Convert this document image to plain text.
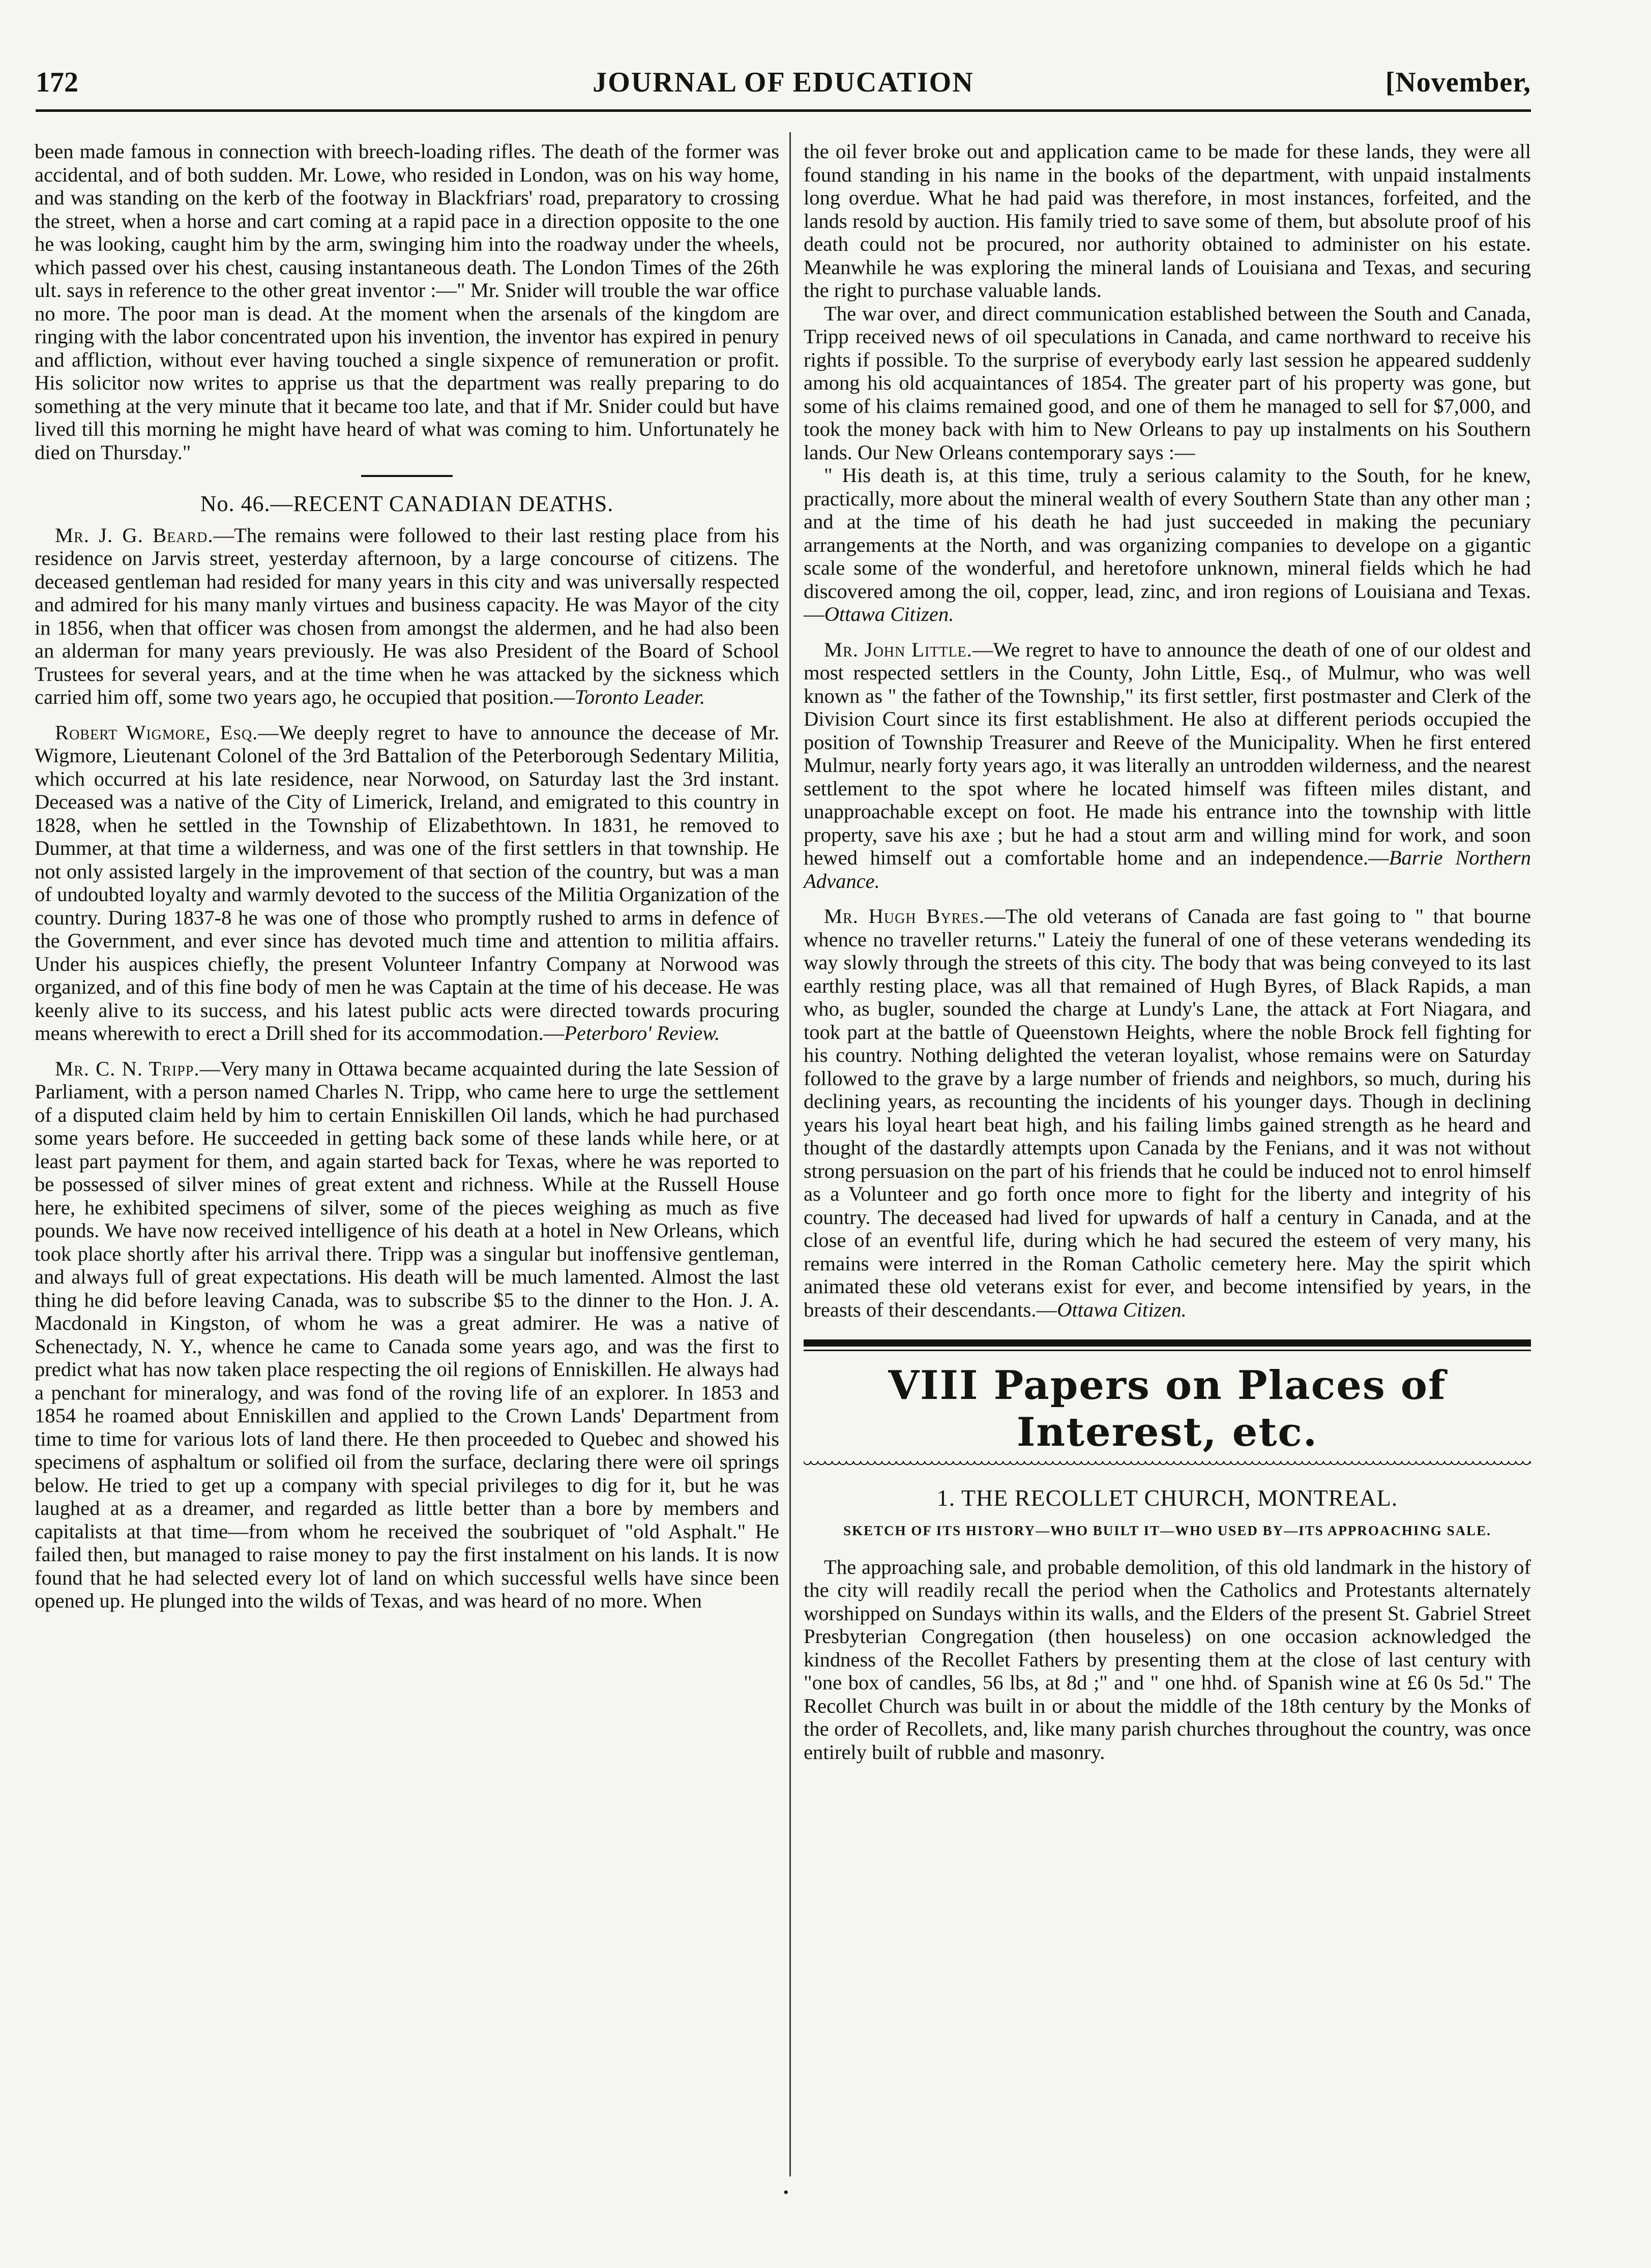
172	JOURNAL OF EDUCATION	[November,

been made famous in connection with breech-loading rifles. The death of the former was accidental, and of both sudden. Mr. Lowe, who resided in London, was on his way home, and was standing on the kerb of the footway in Blackfriars' road, preparatory to crossing the street, when a horse and cart coming at a rapid pace in a direction opposite to the one he was looking, caught him by the arm, swinging him into the roadway under the wheels, which passed over his chest, causing instantaneous death. The London Times of the 26th ult. says in reference to the other great inventor :—" Mr. Snider will trouble the war office no more. The poor man is dead. At the moment when the arsenals of the kingdom are ringing with the labor concentrated upon his invention, the inventor has expired in penury and affliction, without ever having touched a single sixpence of remuneration or profit. His solicitor now writes to apprise us that the department was really preparing to do something at the very minute that it became too late, and that if Mr. Snider could but have lived till this morning he might have heard of what was coming to him. Unfortunately he died on Thursday."

No. 46.—RECENT CANADIAN DEATHS.

Mr. J. G. Beard.—The remains were followed to their last resting place from his residence on Jarvis street, yesterday afternoon, by a large concourse of citizens. The deceased gentleman had resided for many years in this city and was universally respected and admired for his many manly virtues and business capacity. He was Mayor of the city in 1856, when that officer was chosen from amongst the aldermen, and he had also been an alderman for many years previously. He was also President of the Board of School Trustees for several years, and at the time when he was attacked by the sickness which carried him off, some two years ago, he occupied that position.—Toronto Leader.

Robert Wigmore, Esq.—We deeply regret to have to announce the decease of Mr. Wigmore, Lieutenant Colonel of the 3rd Battalion of the Peterborough Sedentary Militia, which occurred at his late residence, near Norwood, on Saturday last the 3rd instant. Deceased was a native of the City of Limerick, Ireland, and emigrated to this country in 1828, when he settled in the Township of Elizabethtown. In 1831, he removed to Dummer, at that time a wilderness, and was one of the first settlers in that township. He not only assisted largely in the improvement of that section of the country, but was a man of undoubted loyalty and warmly devoted to the success of the Militia Organization of the country. During 1837-8 he was one of those who promptly rushed to arms in defence of the Government, and ever since has devoted much time and attention to militia affairs. Under his auspices chiefly, the present Volunteer Infantry Company at Norwood was organized, and of this fine body of men he was Captain at the time of his decease. He was keenly alive to its success, and his latest public acts were directed towards procuring means wherewith to erect a Drill shed for its accommodation.—Peterboro' Review.

Mr. C. N. Tripp.—Very many in Ottawa became acquainted during the late Session of Parliament, with a person named Charles N. Tripp, who came here to urge the settlement of a disputed claim held by him to certain Enniskillen Oil lands, which he had purchased some years before. He succeeded in getting back some of these lands while here, or at least part payment for them, and again started back for Texas, where he was reported to be possessed of silver mines of great extent and richness. While at the Russell House here, he exhibited specimens of silver, some of the pieces weighing as much as five pounds. We have now received intelligence of his death at a hotel in New Orleans, which took place shortly after his arrival there. Tripp was a singular but inoffensive gentleman, and always full of great expectations. His death will be much lamented. Almost the last thing he did before leaving Canada, was to subscribe $5 to the dinner to the Hon. J. A. Macdonald in Kingston, of whom he was a great admirer. He was a native of Schenectady, N. Y., whence he came to Canada some years ago, and was the first to predict what has now taken place respecting the oil regions of Enniskillen. He always had a penchant for mineralogy, and was fond of the roving life of an explorer. In 1853 and 1854 he roamed about Enniskillen and applied to the Crown Lands' Department from time to time for various lots of land there. He then proceeded to Quebec and showed his specimens of asphaltum or solified oil from the surface, declaring there were oil springs below. He tried to get up a company with special privileges to dig for it, but he was laughed at as a dreamer, and regarded as little better than a bore by members and capitalists at that time—from whom he received the soubriquet of "old Asphalt." He failed then, but managed to raise money to pay the first instalment on his lands. It is now found that he had selected every lot of land on which successful wells have since been opened up. He plunged into the wilds of Texas, and was heard of no more. When

the oil fever broke out and application came to be made for these lands, they were all found standing in his name in the books of the department, with unpaid instalments long overdue. What he had paid was therefore, in most instances, forfeited, and the lands resold by auction. His family tried to save some of them, but absolute proof of his death could not be procured, nor authority obtained to administer on his estate. Meanwhile he was exploring the mineral lands of Louisiana and Texas, and securing the right to purchase valuable lands.

The war over, and direct communication established between the South and Canada, Tripp received news of oil speculations in Canada, and came northward to receive his rights if possible. To the surprise of everybody early last session he appeared suddenly among his old acquaintances of 1854. The greater part of his property was gone, but some of his claims remained good, and one of them he managed to sell for $7,000, and took the money back with him to New Orleans to pay up instalments on his Southern lands. Our New Orleans contemporary says :—

" His death is, at this time, truly a serious calamity to the South, for he knew, practically, more about the mineral wealth of every Southern State than any other man ; and at the time of his death he had just succeeded in making the pecuniary arrangements at the North, and was organizing companies to develope on a gigantic scale some of the wonderful, and heretofore unknown, mineral fields which he had discovered among the oil, copper, lead, zinc, and iron regions of Louisiana and Texas.—Ottawa Citizen.

Mr. John Little.—We regret to have to announce the death of one of our oldest and most respected settlers in the County, John Little, Esq., of Mulmur, who was well known as " the father of the Township," its first settler, first postmaster and Clerk of the Division Court since its first establishment. He also at different periods occupied the position of Township Treasurer and Reeve of the Municipality. When he first entered Mulmur, nearly forty years ago, it was literally an untrodden wilderness, and the nearest settlement to the spot where he located himself was fifteen miles distant, and unapproachable except on foot. He made his entrance into the township with little property, save his axe ; but he had a stout arm and willing mind for work, and soon hewed himself out a comfortable home and an independence.—Barrie Northern Advance.

Mr. Hugh Byres.—The old veterans of Canada are fast going to " that bourne whence no traveller returns." Lateiy the funeral of one of these veterans wendeding its way slowly through the streets of this city. The body that was being conveyed to its last earthly resting place, was all that remained of Hugh Byres, of Black Rapids, a man who, as bugler, sounded the charge at Lundy's Lane, the attack at Fort Niagara, and took part at the battle of Queenstown Heights, where the noble Brock fell fighting for his country. Nothing delighted the veteran loyalist, whose remains were on Saturday followed to the grave by a large number of friends and neighbors, so much, during his declining years, as recounting the incidents of his younger days. Though in declining years his loyal heart beat high, and his failing limbs gained strength as he heard and thought of the dastardly attempts upon Canada by the Fenians, and it was not without strong persuasion on the part of his friends that he could be induced not to enrol himself as a Volunteer and go forth once more to fight for the liberty and integrity of his country. The deceased had lived for upwards of half a century in Canada, and at the close of an eventful life, during which he had secured the esteem of very many, his remains were interred in the Roman Catholic cemetery here. May the spirit which animated these old veterans exist for ever, and become intensified by years, in the breasts of their descendants.—Ottawa Citizen.

VIII Papers on Places of Interest, etc.
1. THE RECOLLET CHURCH, MONTREAL.
SKETCH OF ITS HISTORY—WHO BUILT IT—WHO USED BY—ITS APPROACHING SALE.

The approaching sale, and probable demolition, of this old landmark in the history of the city will readily recall the period when the Catholics and Protestants alternately worshipped on Sundays within its walls, and the Elders of the present St. Gabriel Street Presbyterian Congregation (then houseless) on one occasion acknowledged the kindness of the Recollet Fathers by presenting them at the close of last century with "one box of candles, 56 lbs, at 8d ;" and " one hhd. of Spanish wine at £6 0s 5d." The Recollet Church was built in or about the middle of the 18th century by the Monks of the order of Recollets, and, like many parish churches throughout the country, was once entirely built of rubble and masonry.

•
